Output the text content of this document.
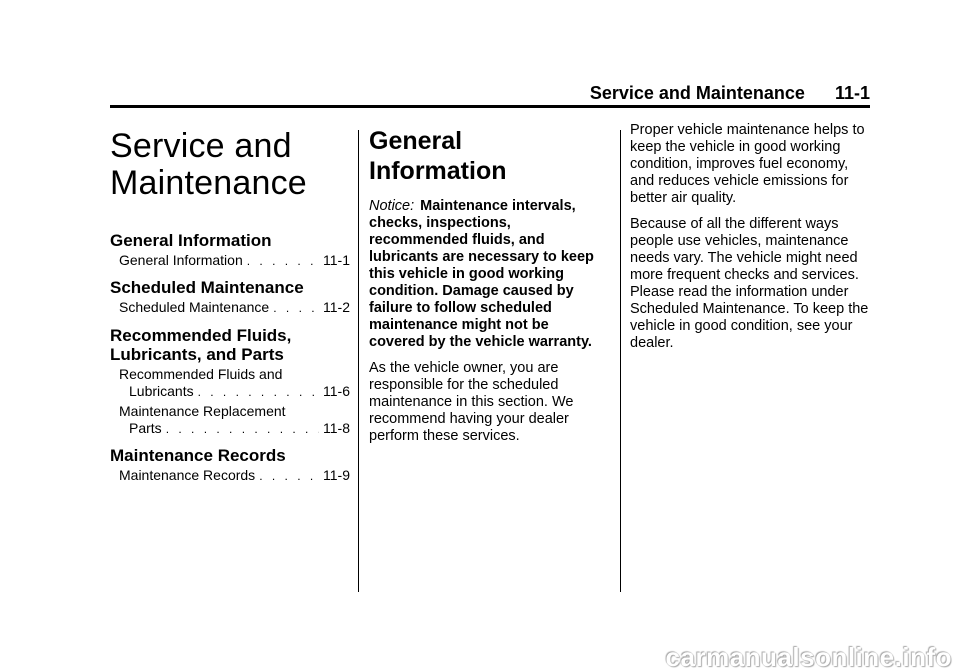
Service and Maintenance 11-1
Service and
Maintenance
General Information
General Information . . .	11-1
Scheduled Maintenance
Scheduled Maintenance . . .	11-2
Recommended Fluids,
Lubricants, and Parts
Recommended Fluids and
Lubricants . . .	11-6
Maintenance Replacement
Parts . . .	11-8
Maintenance Records
Maintenance Records . . .	11-9
General Information

Notice: Maintenance intervals, checks, inspections, recommended fluids, and lubricants are necessary to keep this vehicle in good working condition. Damage caused by failure to follow scheduled maintenance might not be covered by the vehicle warranty.

As the vehicle owner, you are responsible for the scheduled maintenance in this section. We recommend having your dealer perform these services.

Proper vehicle maintenance helps to keep the vehicle in good working condition, improves fuel economy, and reduces vehicle emissions for better air quality.

Because of all the different ways people use vehicles, maintenance needs vary. The vehicle might need more frequent checks and services. Please read the information under Scheduled Maintenance. To keep the vehicle in good condition, see your dealer.

carmanualsonline.info
